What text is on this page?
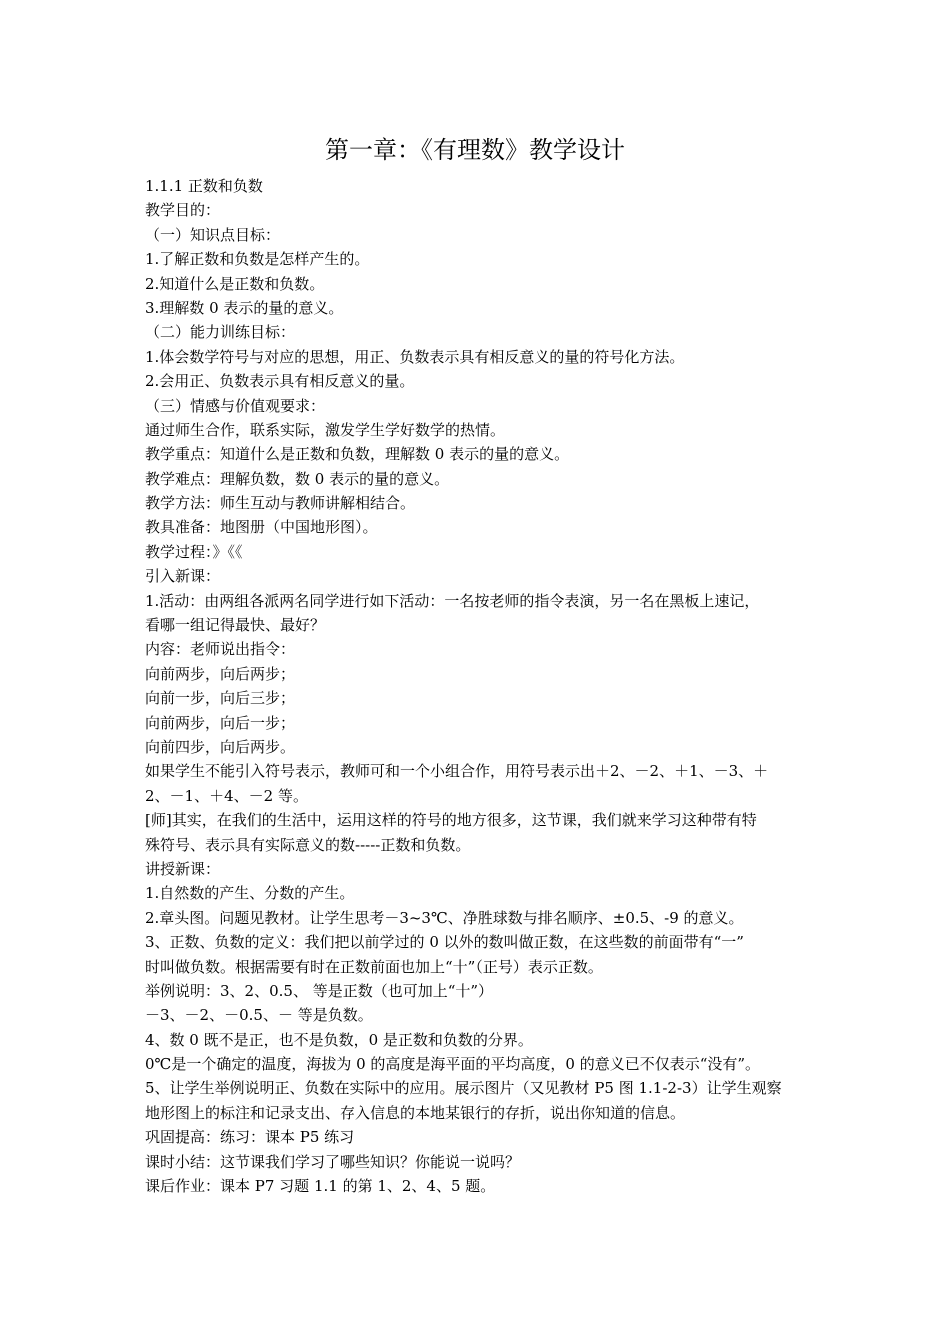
第一章：《有理数》教学设计
1.1.1 正数和负数
教学目的：
（一）知识点目标：
1.了解正数和负数是怎样产生的。
2.知道什么是正数和负数。
3.理解数 0 表示的量的意义。
（二）能力训练目标：
1.体会数学符号与对应的思想，用正、负数表示具有相反意义的量的符号化方法。
2.会用正、负数表示具有相反意义的量。
（三）情感与价值观要求：
通过师生合作，联系实际，激发学生学好数学的热情。
教学重点：知道什么是正数和负数，理解数 0 表示的量的意义。
教学难点：理解负数，数 0 表示的量的意义。
教学方法：师生互动与教师讲解相结合。
教具准备：地图册（中国地形图）。
教学过程：》《《
引入新课：
1.活动：由两组各派两名同学进行如下活动：一名按老师的指令表演，另一名在黑板上速记，
看哪一组记得最快、最好？
内容：老师说出指令：
向前两步，向后两步；
向前一步，向后三步；
向前两步，向后一步；
向前四步，向后两步。
如果学生不能引入符号表示，教师可和一个小组合作，用符号表示出＋2、－2、＋1、－3、＋
2、－1、＋4、－2 等。
[师]其实，在我们的生活中，运用这样的符号的地方很多，这节课，我们就来学习这种带有特
殊符号、表示具有实际意义的数-----正数和负数。
讲授新课：
1.自然数的产生、分数的产生。
2.章头图。问题见教材。让学生思考－3~3℃、净胜球数与排名顺序、±0.5、-9 的意义。
3、正数、负数的定义：我们把以前学过的 0 以外的数叫做正数，在这些数的前面带有“一”
时叫做负数。根据需要有时在正数前面也加上“十”（正号）表示正数。
举例说明：3、2、0.5、 等是正数（也可加上“十”）
－3、－2、－0.5、－ 等是负数。
4、数 0 既不是正，也不是负数，0 是正数和负数的分界。
0℃是一个确定的温度，海拔为 0 的高度是海平面的平均高度，0 的意义已不仅表示“没有”。
5、让学生举例说明正、负数在实际中的应用。展示图片（又见教材 P5 图 1.1-2-3）让学生观察
地形图上的标注和记录支出、存入信息的本地某银行的存折，说出你知道的信息。
巩固提高：练习：课本 P5 练习
课时小结：这节课我们学习了哪些知识？你能说一说吗？
课后作业：课本 P7 习题 1.1 的第 1、2、4、5 题。
